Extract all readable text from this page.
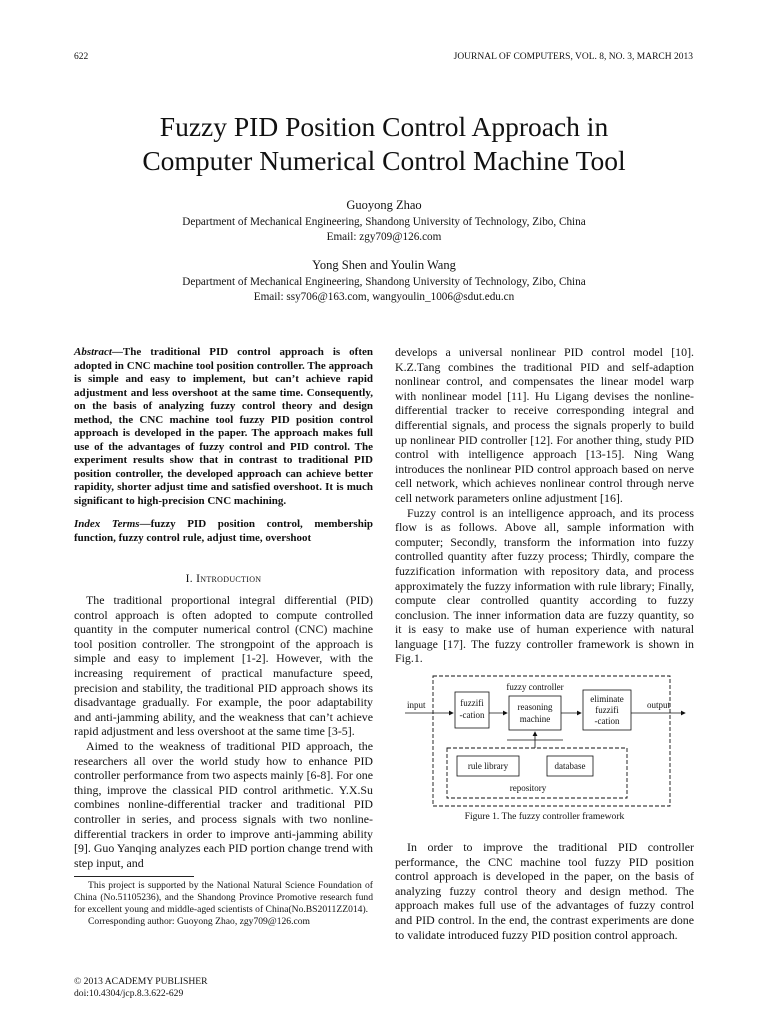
622	JOURNAL OF COMPUTERS, VOL. 8, NO. 3, MARCH 2013
Fuzzy PID Position Control Approach in
Computer Numerical Control Machine Tool
Guoyong Zhao
Department of Mechanical Engineering, Shandong University of Technology, Zibo, China
Email: zgy709@126.com
Yong Shen and Youlin Wang
Department of Mechanical Engineering, Shandong University of Technology, Zibo, China
Email: ssy706@163.com, wangyoulin_1006@sdut.edu.cn
Abstract—The traditional PID control approach is often adopted in CNC machine tool position controller. The approach is simple and easy to implement, but can’t achieve rapid adjustment and less overshoot at the same time. Consequently, on the basis of analyzing fuzzy control theory and design method, the CNC machine tool fuzzy PID position control approach is developed in the paper. The approach makes full use of the advantages of fuzzy control and PID control. The experiment results show that in contrast to traditional PID position controller, the developed approach can achieve better rapidity, shorter adjust time and satisfied overshoot. It is much significant to high-precision CNC machining.
Index Terms—fuzzy PID position control, membership function, fuzzy control rule, adjust time, overshoot
I. Introduction

The traditional proportional integral differential (PID) control approach is often adopted to compute controlled quantity in the computer numerical control (CNC) machine tool position controller. The strongpoint of the approach is simple and easy to implement [1-2]. However, with the increasing requirement of practical manufacture speed, precision and stability, the traditional PID approach shows its disadvantage gradually. For example, the poor adaptability and anti-jamming ability, and the weakness that can’t achieve rapid adjustment and less overshoot at the same time [3-5].

Aimed to the weakness of traditional PID approach, the researchers all over the world study how to enhance PID controller performance from two aspects mainly [6-8]. For one thing, improve the classical PID control arithmetic. Y.X.Su combines nonline-differential tracker and traditional PID controller in series, and process signals with two nonline-differential trackers in order to improve anti-jamming ability [9]. Guo Yanqing analyzes each PID portion change trend with step input, and

This project is supported by the National Natural Science Foundation of China (No.51105236), and the Shandong Province Promotive research fund for excellent young and middle-aged scientists of China(No.BS2011ZZ014).

Corresponding author: Guoyong Zhao, zgy709@126.com

© 2013 ACADEMY PUBLISHER
doi:10.4304/jcp.8.3.622-629

develops a universal nonlinear PID control model [10]. K.Z.Tang combines the traditional PID and self-adaption nonlinear control, and compensates the linear model warp with nonlinear model [11]. Hu Ligang devises the nonline-differential tracker to receive corresponding integral and differential signals, and process the signals properly to build up nonlinear PID controller [12]. For another thing, study PID control with intelligence approach [13-15]. Ning Wang introduces the nonlinear PID control approach based on nerve cell network, which achieves nonlinear control through nerve cell network parameters online adjustment [16].

Fuzzy control is an intelligence approach, and its process flow is as follows. Above all, sample information with computer; Secondly, transform the information into fuzzy controlled quantity after fuzzy process; Thirdly, compare the fuzzification information with repository data, and process approximately the fuzzy information with rule library; Finally, compute clear controlled quantity according to fuzzy conclusion. The inner information data are fuzzy quantity, so it is easy to make use of human experience with natural language [17]. The fuzzy controller framework is shown in Fig.1.

fuzzy controller
input	fuzzifi
-cation
reasoning
machine
eliminate
fuzzifi
-cation
output
rule library	database
repository
Figure 1. The fuzzy controller framework

In order to improve the traditional PID controller performance, the CNC machine tool fuzzy PID position control approach is developed in the paper, on the basis of analyzing fuzzy control theory and design method. The approach makes full use of the advantages of fuzzy control and PID control. In the end, the contrast experiments are done to validate introduced fuzzy PID position control approach.
